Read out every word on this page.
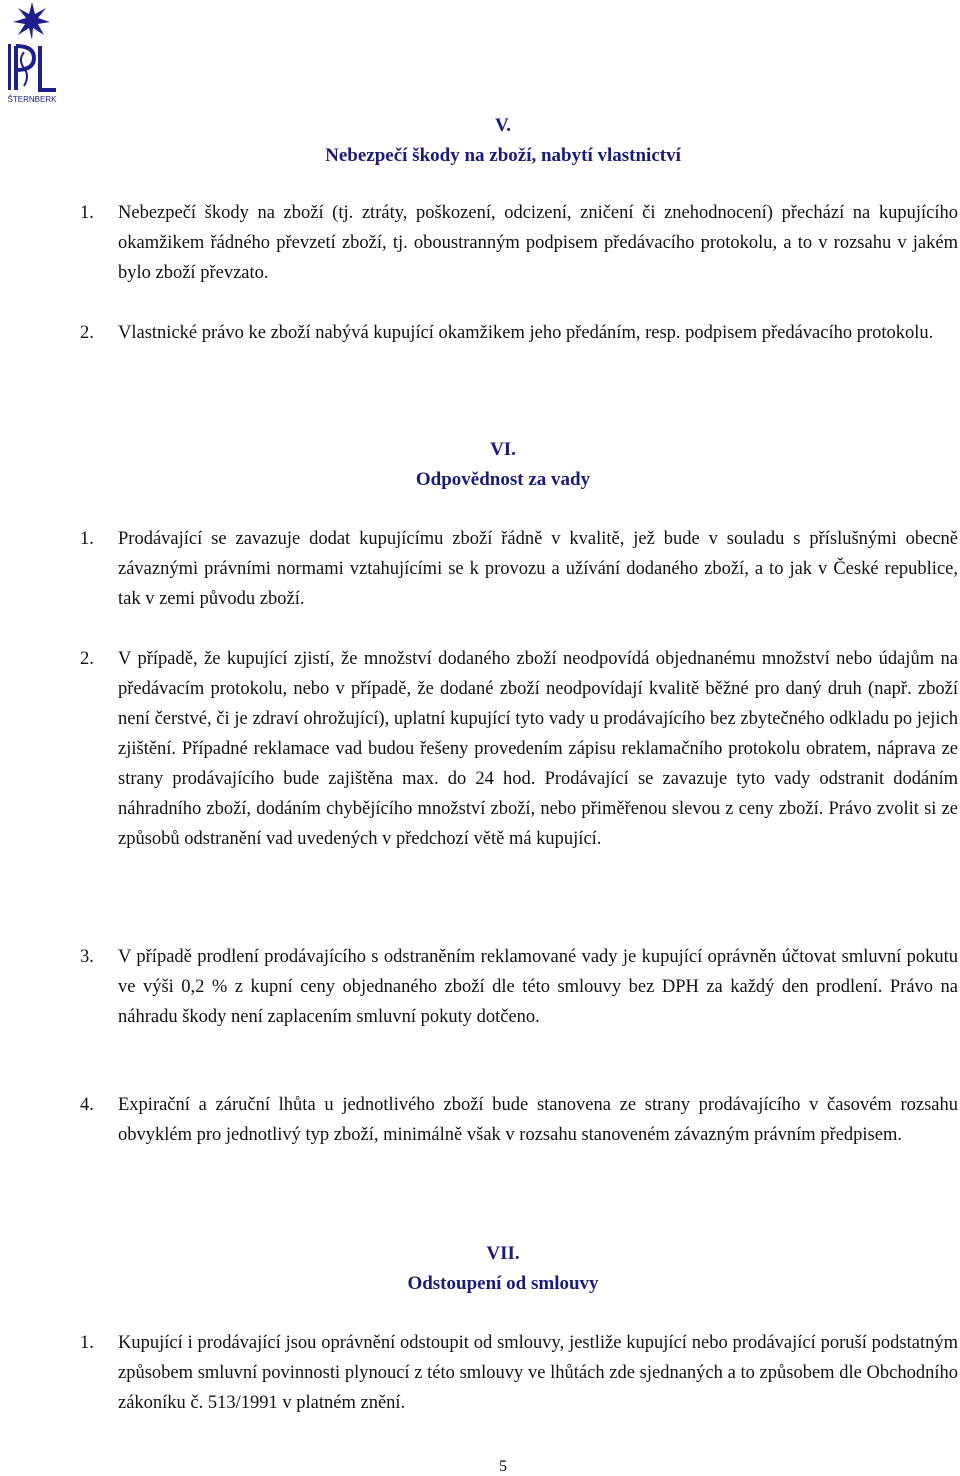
ŠTERNBERK
V.
Nebezpečí škody na zboží, nabytí vlastnictví
1.	Nebezpečí škody na zboží (tj. ztráty, poškození, odcizení, zničení či znehodnocení) přechází na kupujícího okamžikem řádného převzetí zboží, tj. oboustranným podpisem předávacího protokolu, a to v rozsahu v jakém bylo zboží převzato.
2.	Vlastnické právo ke zboží nabývá kupující okamžikem jeho předáním, resp. podpisem předávacího protokolu.
VI.
Odpovědnost za vady
1.	Prodávající se zavazuje dodat kupujícímu zboží řádně v kvalitě, jež bude v souladu s příslušnými obecně závaznými právními normami vztahujícími se k provozu a užívání dodaného zboží, a to jak v České republice, tak v zemi původu zboží.
2.	V případě, že kupující zjistí, že množství dodaného zboží neodpovídá objednanému množství nebo údajům na předávacím protokolu, nebo v případě, že dodané zboží neodpovídají kvalitě běžné pro daný druh (např. zboží není čerstvé, či je zdraví ohrožující), uplatní kupující tyto vady u prodávajícího bez zbytečného odkladu po jejich zjištění. Případné reklamace vad budou řešeny provedením zápisu reklamačního protokolu obratem, náprava ze strany prodávajícího bude zajištěna max. do 24 hod. Prodávající se zavazuje tyto vady odstranit dodáním náhradního zboží, dodáním chybějícího množství zboží, nebo přiměřenou slevou z ceny zboží. Právo zvolit si ze způsobů odstranění vad uvedených v předchozí větě má kupující.
3.	V případě prodlení prodávajícího s odstraněním reklamované vady je kupující oprávněn účtovat smluvní pokutu ve výši 0,2 % z kupní ceny objednaného zboží dle této smlouvy bez DPH za každý den prodlení. Právo na náhradu škody není zaplacením smluvní pokuty dotčeno.
4.	Expirační a záruční lhůta u jednotlivého zboží bude stanovena ze strany prodávajícího v časovém rozsahu obvyklém pro jednotlivý typ zboží, minimálně však v rozsahu stanoveném závazným právním předpisem.
VII.
Odstoupení od smlouvy
1.	Kupující i prodávající jsou oprávnění odstoupit od smlouvy, jestliže kupující nebo prodávající poruší podstatným způsobem smluvní povinnosti plynoucí z této smlouvy ve lhůtách zde sjednaných a to způsobem dle Obchodního zákoníku č. 513/1991 v platném znění.
5
